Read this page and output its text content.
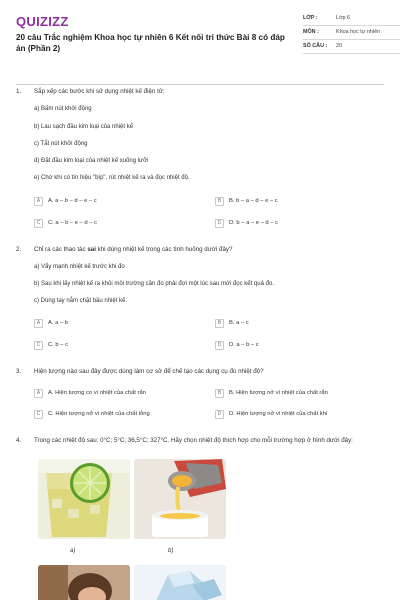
QUIZIZZ
20 câu Trắc nghiệm Khoa học tự nhiên 6 Kết nối tri thức Bài 8 có đáp án (Phần 2)
LỚP :	Lớp 6
MÔN :	Khoa học tự nhiên
SỐ CÂU :	20
1. Sắp xếp các bước khi sử dụng nhiệt kế điện tử:
a) Bấm nút khởi động
b) Lau sạch đầu kim loại của nhiệt kế
c) Tắt nút khởi động
d) Đặt đầu kim loại của nhiệt kế xuống lưỡi
e) Chờ khi có tín hiệu "bíp", rút nhiệt kế ra và đọc nhiệt độ.
A	A. a – b – d – e – c	B	B. b – a – d – e – c
C	C. a – b – e – d – c	D	D. b – a – e – d – c
2. Chỉ ra các thao tác sai khi dùng nhiệt kế trong các tình huống dưới đây?
a) Vẩy mạnh nhiệt kế trước khi đo
b) Sau khi lấy nhiệt kế ra khỏi môi trường cần đo phải đợi một lúc sau mới đọc kết quả đo.
c) Dùng tay nắm chặt bầu nhiệt kế.
A	A. a – b	B	B. a – c
C	C. b – c	D	D. a – b – c
3. Hiện tượng nào sau đây được dùng làm cơ sở để chế tạo các dụng cụ đo nhiệt độ?
A	A. Hiện tượng co vì nhiệt của chất rắn	B	B. Hiện tượng nở vì nhiệt của chất rắn
C	C. Hiện tượng nở vì nhiệt của chất lỏng	D	D. Hiện tượng nở vì nhiệt của chất khí
4. Trong các nhiệt độ sau: 0°C; 5°C; 36,5°C; 327°C. Hãy chọn nhiệt độ thích hợp cho mỗi trường hợp ở hình dưới đây:
a)	b)
